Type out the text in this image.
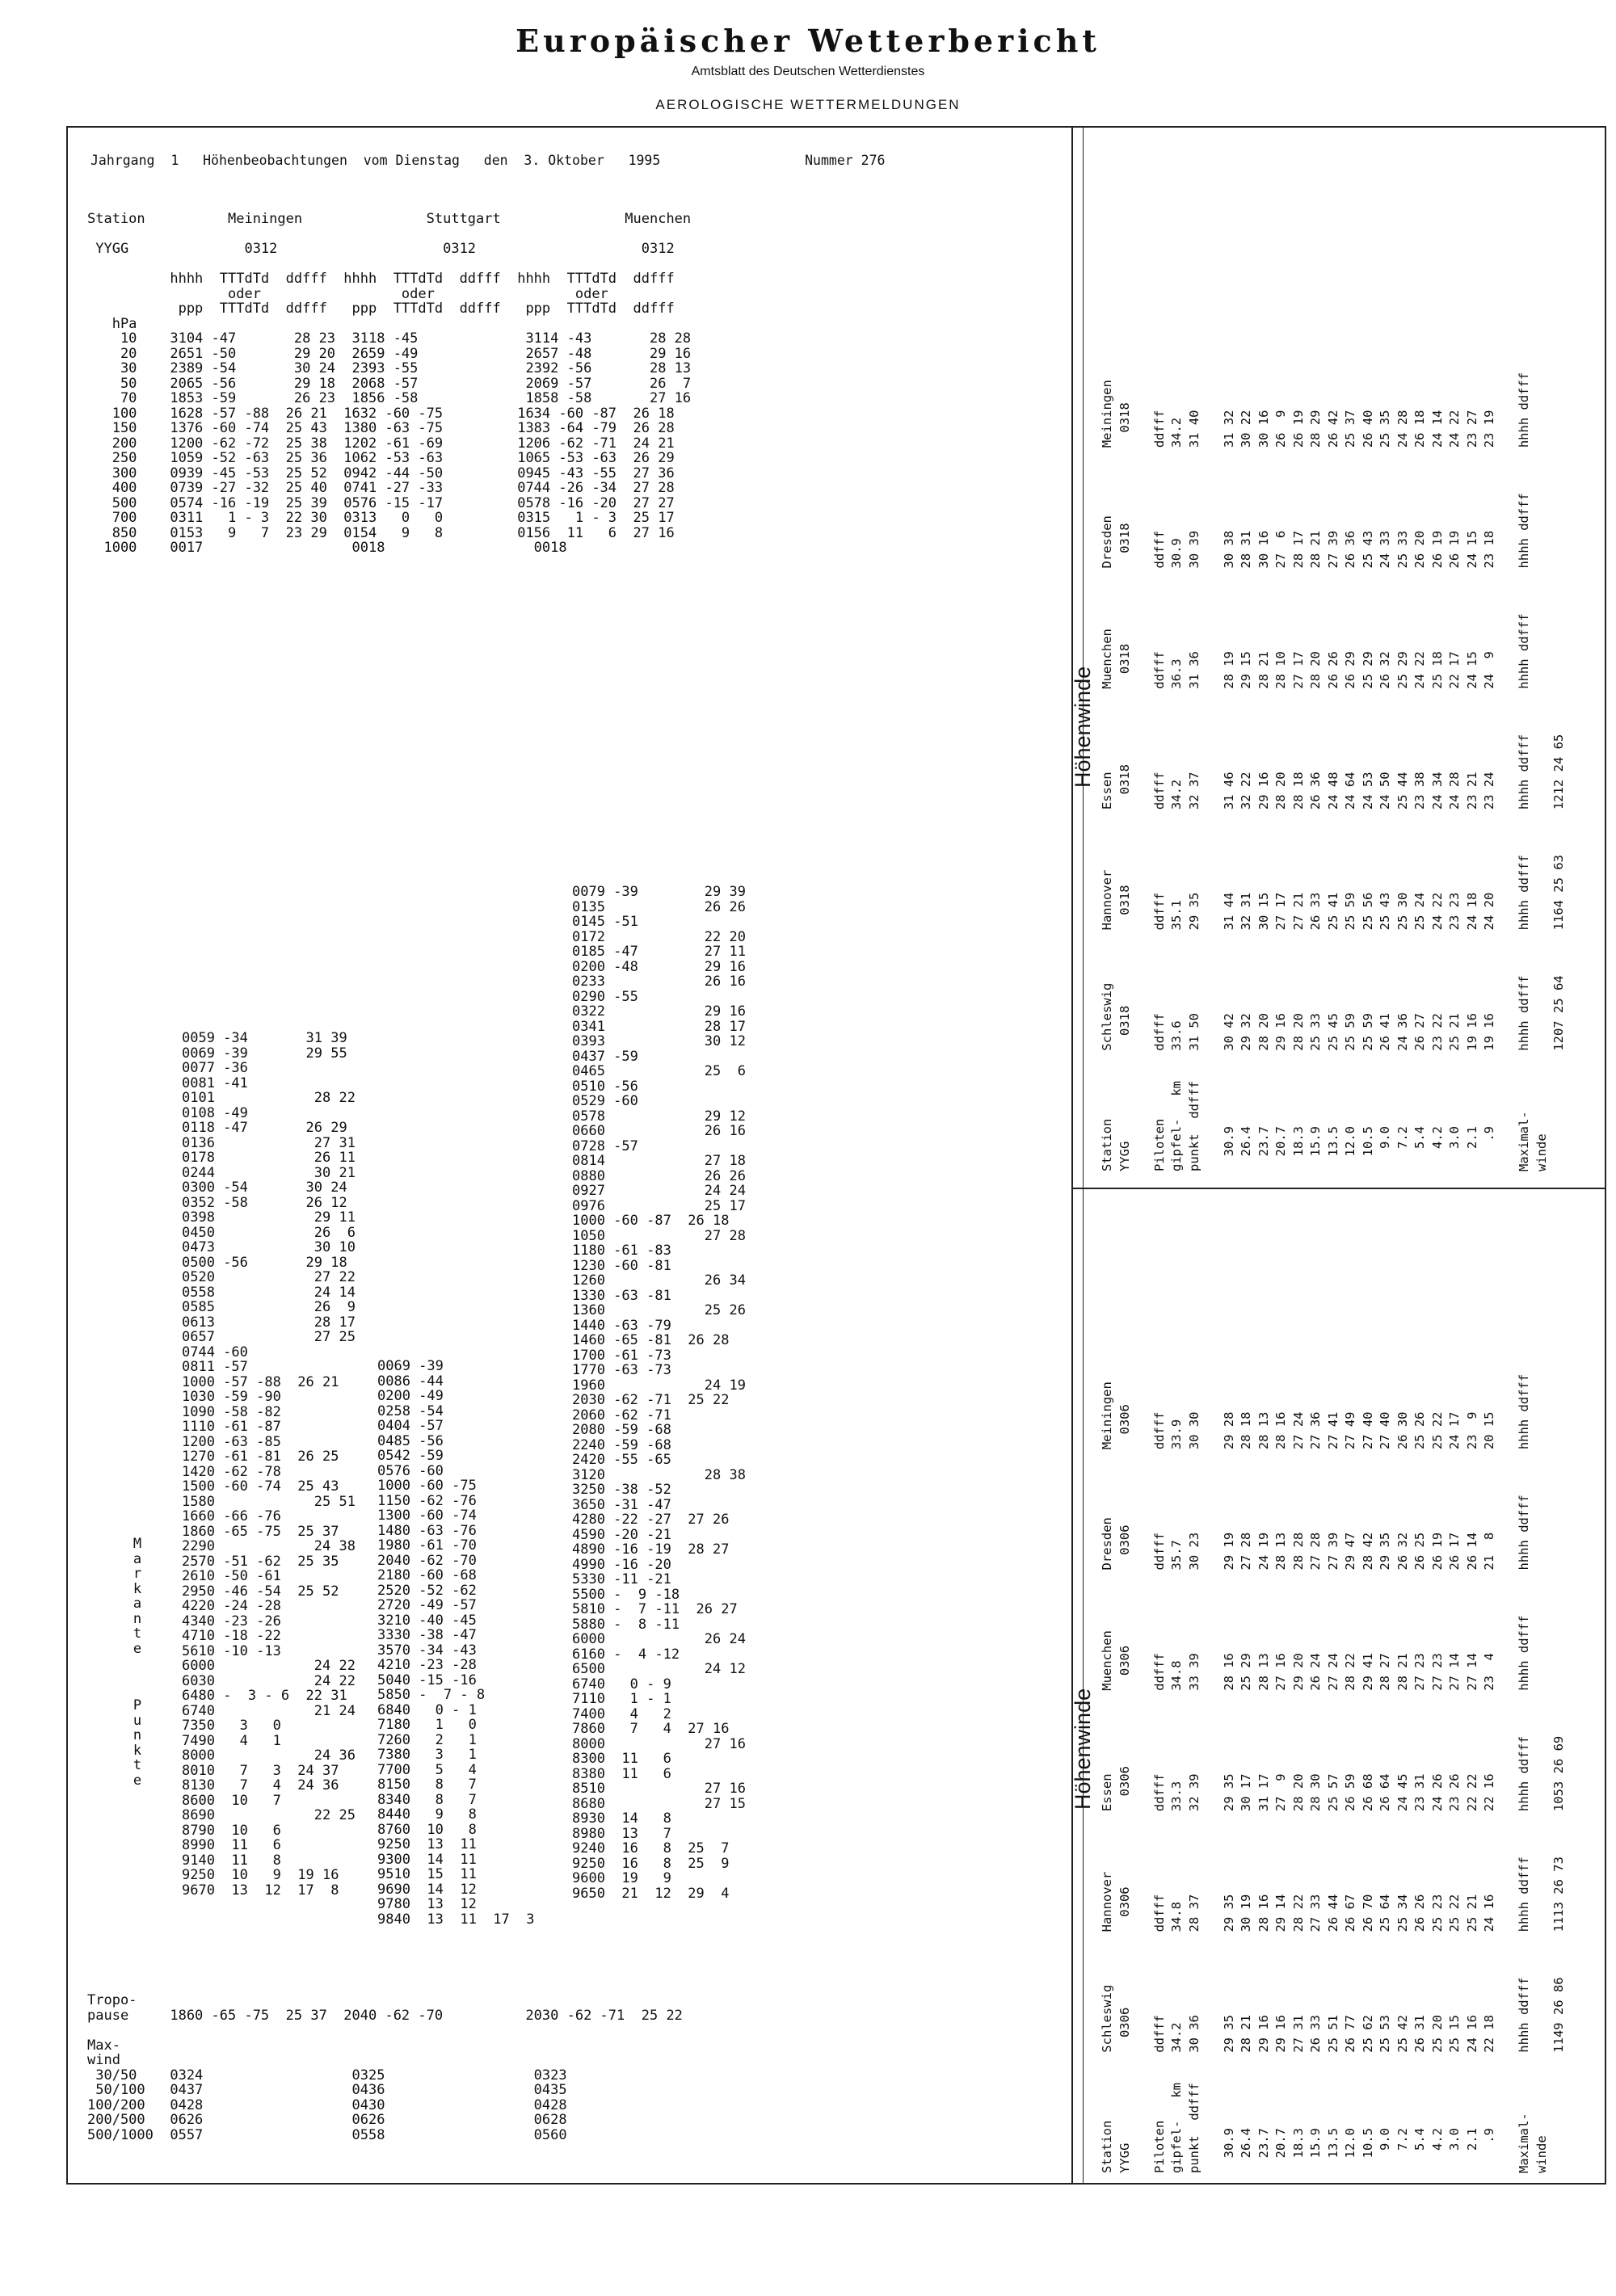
Europäischer Wetterbericht
Amtsblatt des Deutschen Wetterdienstes
AEROLOGISCHE WETTERMELDUNGEN
Jahrgang  1   Höhenbeobachtungen  vom Dienstag   den  3. Oktober   1995                  Nummer 276
Station          Meiningen               Stuttgart               Muenchen

YYGG              0312                    0312                    0312

hhhh  TTTdTd  ddfff  hhhh  TTTdTd  ddfff  hhhh  TTTdTd  ddfff
oder                 oder                 oder
ppp  TTTdTd  ddfff   ppp  TTTdTd  ddfff   ppp  TTTdTd  ddfff
hPa
10    3104 -47       28 23  3118 -45             3114 -43       28 28
20    2651 -50       29 20  2659 -49             2657 -48       29 16
30    2389 -54       30 24  2393 -55             2392 -56       28 13
50    2065 -56       29 18  2068 -57             2069 -57       26  7
70    1853 -59       26 23  1856 -58             1858 -58       27 16
100    1628 -57 -88  26 21  1632 -60 -75         1634 -60 -87  26 18
150    1376 -60 -74  25 43  1380 -63 -75         1383 -64 -79  26 28
200    1200 -62 -72  25 38  1202 -61 -69         1206 -62 -71  24 21
250    1059 -52 -63  25 36  1062 -53 -63         1065 -53 -63  26 29
300    0939 -45 -53  25 52  0942 -44 -50         0945 -43 -55  27 36
400    0739 -27 -32  25 40  0741 -27 -33         0744 -26 -34  27 28
500    0574 -16 -19  25 39  0576 -15 -17         0578 -16 -20  27 27
700    0311   1 - 3  22 30  0313   0   0         0315   1 - 3  25 17
850    0153   9   7  23 29  0154   9   8         0156  11   6  27 16
1000    0017                  0018                  0018
0079 -39        29 39
0135            26 26
0145 -51
0172            22 20
0185 -47        27 11
0200 -48        29 16
0233            26 16
0290 -55
0322            29 16
0341            28 17
0393            30 12
0437 -59
0465            25  6
0510 -56
0529 -60
0578            29 12
0660            26 16
0728 -57
0814            27 18
0880            26 26
0927            24 24
0976            25 17
1000 -60 -87  26 18
1050            27 28
1180 -61 -83
1230 -60 -81
1260            26 34
1330 -63 -81
1360            25 26
1440 -63 -79
1460 -65 -81  26 28
1700 -61 -73
1770 -63 -73
1960            24 19
2030 -62 -71  25 22
2060 -62 -71
2080 -59 -68
2240 -59 -68
2420 -55 -65
3120            28 38
3250 -38 -52
3650 -31 -47
4280 -22 -27  27 26
4590 -20 -21
4890 -16 -19  28 27
4990 -16 -20
5330 -11 -21
5500 -  9 -18
5810 -  7 -11  26 27
5880 -  8 -11
6000            26 24
6160 -  4 -12
6500            24 12
6740   0 - 9
7110   1 - 1
7400   4   2
7860   7   4  27 16
8000            27 16
8300  11   6
8380  11   6
8510            27 16
8680            27 15
8930  14   8
8980  13   7
9240  16   8  25  7
9250  16   8  25  9
9600  19   9
9650  21  12  29  4
0059 -34       31 39
0069 -39       29 55
0077 -36
0081 -41
0101            28 22
0108 -49
0118 -47       26 29
0136            27 31
0178            26 11
0244            30 21
0300 -54       30 24
0352 -58       26 12
0398            29 11
0450            26  6
0473            30 10
0500 -56       29 18
0520            27 22
0558            24 14
0585            26  9
0613            28 17
0657            27 25
0744 -60
0811 -57
1000 -57 -88  26 21
1030 -59 -90
1090 -58 -82
1110 -61 -87
1200 -63 -85
1270 -61 -81  26 25
1420 -62 -78
1500 -60 -74  25 43
1580            25 51
1660 -66 -76
1860 -65 -75  25 37
2290            24 38
2570 -51 -62  25 35
2610 -50 -61
2950 -46 -54  25 52
4220 -24 -28
4340 -23 -26
4710 -18 -22
5610 -10 -13
6000            24 22
6030            24 22
6480 -  3 - 6  22 31
6740            21 24
7350   3   0
7490   4   1
8000            24 36
8010   7   3  24 37
8130   7   4  24 36
8600  10   7
8690            22 25
8790  10   6
8990  11   6
9140  11   8
9250  10   9  19 16
9670  13  12  17  8
0069 -39
0086 -44
0200 -49
0258 -54
0404 -57
0485 -56
0542 -59
0576 -60
1000 -60 -75
1150 -62 -76
1300 -60 -74
1480 -63 -76
1980 -61 -70
2040 -62 -70
2180 -60 -68
2520 -52 -62
2720 -49 -57
3210 -40 -45
3330 -38 -47
3570 -34 -43
4210 -23 -28
5040 -15 -16
5850 -  7 - 8
6840   0 - 1
7180   1   0
7260   2   1
7380   3   1
7700   5   4
8150   8   7
8340   8   7
8440   9   8
8760  10   8
9250  13  11
9300  14  11
9510  15  11
9690  14  12
9780  13  12
9840  13  11  17  3
M
a
r
k
a
n
t
e
P
u
n
k
t
e
Tropo-
pause     1860 -65 -75  25 37  2040 -62 -70          2030 -62 -71  25 22

Max-
wind
30/50    0324                  0325                  0323
50/100   0437                  0436                  0435
100/200   0428                  0430                  0428
200/500   0626                  0626                  0628
500/1000  0557                  0558                  0560
Höhenwinde
Höhenwinde
Station         Schleswig       Hannover        Essen           Muenchen        Dresden         Meiningen
YYGG              0318            0318            0318            0318            0318            0318

Piloten         ddfff           ddfff           ddfff           ddfff           ddfff           ddfff
gipfel-   km    33.6            35.1            34.2            36.3            30.9            34.2
punkt  ddfff    31 50           29 35           32 37           31 36           30 39           31 40

30.9          30 42           31 44           31 46           28 19           30 38           31 32
26.4          29 32           32 31           32 22           29 15           28 31           30 22
23.7          28 20           30 15           29 16           28 21           30 16           30 16
20.7          29 16           27 17           28 20           28 10           27  6           26  9
18.3          28 20           27 21           28 18           27 17           28 17           26 19
15.9          25 33           26 33           26 36           28 20           28 21           28 29
13.5          25 45           25 41           24 48           26 26           27 39           26 42
12.0          25 59           25 59           24 64           26 29           26 36           25 37
10.5          25 59           25 56           24 53           25 29           25 43           26 40
9.0          26 41           25 43           24 50           26 32           24 33           25 35
7.2          24 36           25 30           25 44           25 29           25 33           24 28
5.4          26 27           25 24           23 38           24 22           26 20           26 18
4.2          23 22           24 22           24 34           25 18           26 19           24 14
3.0          25 21           23 23           24 28           22 17           26 19           24 22
2.1          19 16           24 18           23 21           24 15           24 15           23 27
.9          19 16           24 20           23 24           24  9           23 18           23 19

Maximal-        hhhh ddfff      hhhh ddfff      hhhh ddfff      hhhh ddfff      hhhh ddfff      hhhh ddfff
winde
1207 25 64      1164 25 63      1212 24 65
Station         Schleswig       Hannover        Essen           Muenchen        Dresden         Meiningen
YYGG              0306            0306            0306            0306            0306            0306

Piloten         ddfff           ddfff           ddfff           ddfff           ddfff           ddfff
gipfel-   km    34.2            34.8            33.3            34.8            35.7            33.9
punkt  ddfff    30 36           28 37           32 39           33 39           30 23           30 30

30.9          29 35           29 35           29 35           28 16           29 19           29 28
26.4          28 21           30 19           30 17           25 29           27 28           28 18
23.7          29 16           28 16           31 17           28 13           24 19           28 13
20.7          29 16           29 14           27  9           27 16           28 13           28 16
18.3          27 31           28 22           28 20           29 20           28 28           27 24
15.9          26 33           27 33           28 30           26 24           27 28           27 36
13.5          25 51           26 44           25 57           27 24           27 39           27 41
12.0          26 77           26 67           26 59           28 22           29 47           27 49
10.5          25 62           26 70           26 68           29 41           28 42           27 40
9.0          25 53           25 64           26 64           28 27           29 35           27 40
7.2          25 42           25 34           24 45           28 21           26 32           26 30
5.4          26 31           26 26           23 31           27 23           26 25           25 26
4.2          25 20           25 23           24 26           27 23           26 19           25 22
3.0          25 15           25 22           23 26           27 14           26 17           24 17
2.1          24 16           25 21           22 22           27 14           26 14           23  9
.9          22 18           24 16           22 16           23  4           21  8           20 15

Maximal-        hhhh ddfff      hhhh ddfff      hhhh ddfff      hhhh ddfff      hhhh ddfff      hhhh ddfff
winde
1149 26 86      1113 26 73      1053 26 69
